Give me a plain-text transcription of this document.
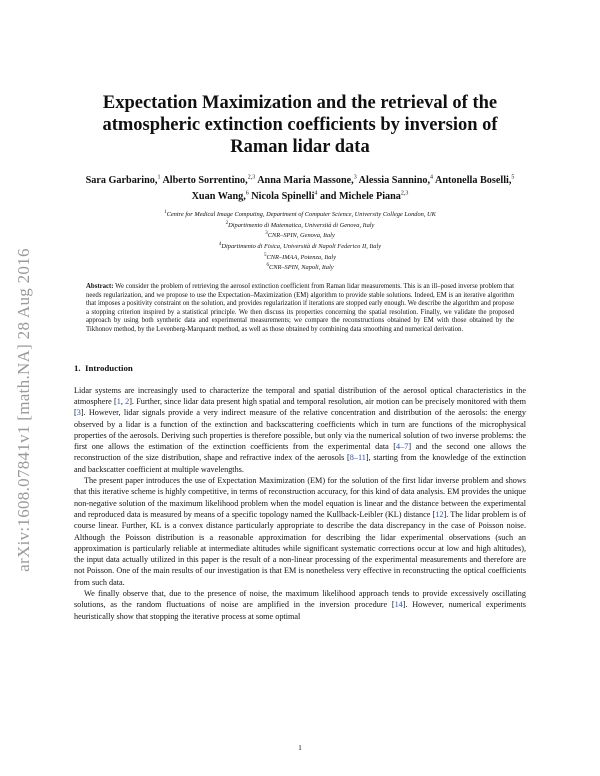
arXiv:1608.07841v1 [math.NA] 28 Aug 2016
Expectation Maximization and the retrieval of the
atmospheric extinction coefficients by inversion of
Raman lidar data
Sara Garbarino,$^1$ Alberto Sorrentino,$^{2,3}$ Anna Maria Massone,$^3$ Alessia Sannino,$^4$ Antonella Boselli,$^5$ Xuan Wang,$^6$ Nicola Spinelli$^4$ and Michele Piana$^{2,3}$
$^1$Centre for Medical Image Computing, Department of Computer Science, University College London, UK
$^2$Dipartimento di Matematica, Università di Genova, Italy
$^3$CNR–SPIN, Genova, Italy
$^4$Dipartimento di Fisica, Università di Napoli Federico II, Italy
$^5$CNR–IMAA, Potenza, Italy
$^6$CNR–SPIN, Napoli, Italy
Abstract: We consider the problem of retrieving the aerosol extinction coefficient from Raman lidar measurements. This is an ill–posed inverse problem that needs regularization, and we propose to use the Expectation–Maximization (EM) algorithm to provide stable solutions. Indeed, EM is an iterative algorithm that imposes a positivity constraint on the solution, and provides regularization if iterations are stopped early enough. We describe the algorithm and propose a stopping criterion inspired by a statistical principle. We then discuss its properties concerning the spatial resolution. Finally, we validate the proposed approach by using both synthetic data and experimental measurements; we compare the reconstructions obtained by EM with those obtained by the Tikhonov method, by the Levenberg-Marquardt method, as well as those obtained by combining data smoothing and numerical derivation.
1. Introduction

Lidar systems are increasingly used to characterize the temporal and spatial distribution of the aerosol optical characteristics in the atmosphere [1, 2]. Further, since lidar data present high spatial and temporal resolution, air motion can be precisely monitored with them [3]. However, lidar signals provide a very indirect measure of the relative concentration and distribution of the aerosols: the energy observed by a lidar is a function of the extinction and backscattering coefficients which in turn are functions of the microphysical properties of the aerosols. Deriving such properties is therefore possible, but only via the numerical solution of two inverse problems: the first one allows the estimation of the extinction coefficients from the experimental data [4–7] and the second one allows the reconstruction of the size distribution, shape and refractive index of the aerosols [8–11], starting from the knowledge of the extinction and backscatter coefficient at multiple wavelengths.

The present paper introduces the use of Expectation Maximization (EM) for the solution of the first lidar inverse problem and shows that this iterative scheme is highly competitive, in terms of reconstruction accuracy, for this kind of data analysis. EM provides the unique non-negative solution of the maximum likelihood problem when the model equation is linear and the distance between the experimental and reproduced data is measured by means of a specific topology named the Kullback-Leibler (KL) distance [12]. The lidar problem is of course linear. Further, KL is a convex distance particularly appropriate to describe the data discrepancy in the case of Poisson noise. Although the Poisson distribution is a reasonable approximation for describing the lidar experimental observations (such an approximation is particularly reliable at intermediate altitudes while significant systematic corrections occur at low and high altitudes), the input data actually utilized in this paper is the result of a non-linear processing of the experimental measurements and therefore are not Poisson. One of the main results of our investigation is that EM is nonetheless very effective in reconstructing the optical coefficients from such data.

We finally observe that, due to the presence of noise, the maximum likelihood approach tends to provide excessively oscillating solutions, as the random fluctuations of noise are amplified in the inversion procedure [14]. However, numerical experiments heuristically show that stopping the iterative process at some optimal

1
